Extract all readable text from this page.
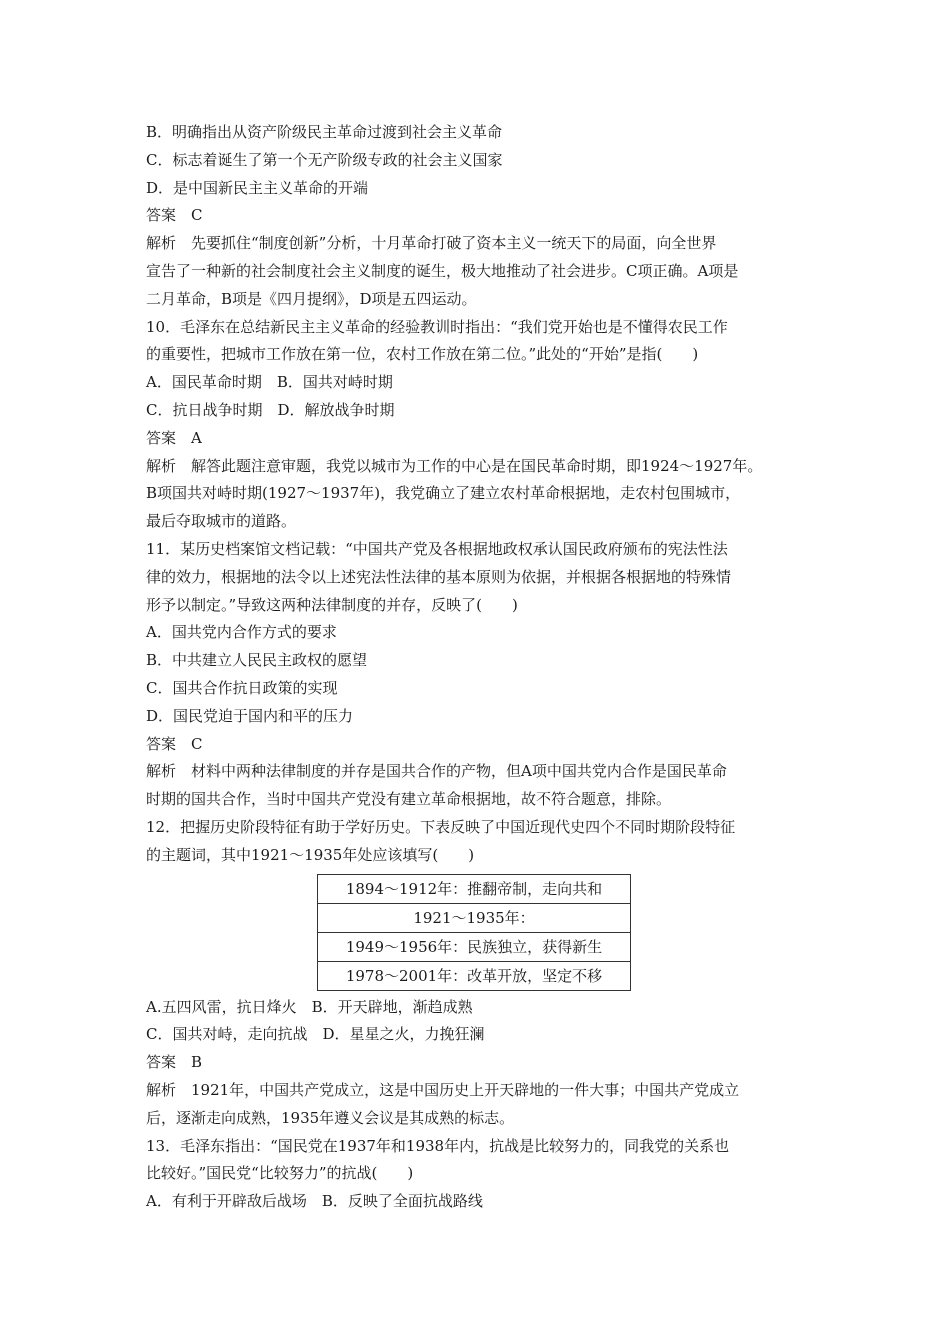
B．明确指出从资产阶级民主革命过渡到社会主义革命
C．标志着诞生了第一个无产阶级专政的社会主义国家
D．是中国新民主主义革命的开端
答案　C
解析　先要抓住“制度创新”分析，十月革命打破了资本主义一统天下的局面，向全世界
宣告了一种新的社会制度社会主义制度的诞生，极大地推动了社会进步。C项正确。A项是
二月革命，B项是《四月提纲》，D项是五四运动。
10．毛泽东在总结新民主主义革命的经验教训时指出：“我们党开始也是不懂得农民工作
的重要性，把城市工作放在第一位，农村工作放在第二位。”此处的“开始”是指(　　)
A．国民革命时期　B．国共对峙时期
C．抗日战争时期　D．解放战争时期
答案　A
解析　解答此题注意审题，我党以城市为工作的中心是在国民革命时期，即1924～1927年。
B项国共对峙时期(1927～1937年)，我党确立了建立农村革命根据地，走农村包围城市，
最后夺取城市的道路。
11．某历史档案馆文档记载：“中国共产党及各根据地政权承认国民政府颁布的宪法性法
律的效力，根据地的法令以上述宪法性法律的基本原则为依据，并根据各根据地的特殊情
形予以制定。”导致这两种法律制度的并存，反映了(　　)
A．国共党内合作方式的要求
B．中共建立人民民主政权的愿望
C．国共合作抗日政策的实现
D．国民党迫于国内和平的压力
答案　C
解析　材料中两种法律制度的并存是国共合作的产物，但A项中国共党内合作是国民革命
时期的国共合作，当时中国共产党没有建立革命根据地，故不符合题意，排除。
12．把握历史阶段特征有助于学好历史。下表反映了中国近现代史四个不同时期阶段特征
的主题词，其中1921～1935年处应该填写(　　)
1894～1912年：推翻帝制，走向共和
1921～1935年：
1949～1956年：民族独立，获得新生
1978～2001年：改革开放，坚定不移
A.五四风雷，抗日烽火　B．开天辟地，渐趋成熟
C．国共对峙，走向抗战　D．星星之火，力挽狂澜
答案　B
解析　1921年，中国共产党成立，这是中国历史上开天辟地的一件大事；中国共产党成立
后，逐渐走向成熟，1935年遵义会议是其成熟的标志。
13．毛泽东指出：“国民党在1937年和1938年内，抗战是比较努力的，同我党的关系也
比较好。”国民党“比较努力”的抗战(　　)
A．有利于开辟敌后战场　B．反映了全面抗战路线
